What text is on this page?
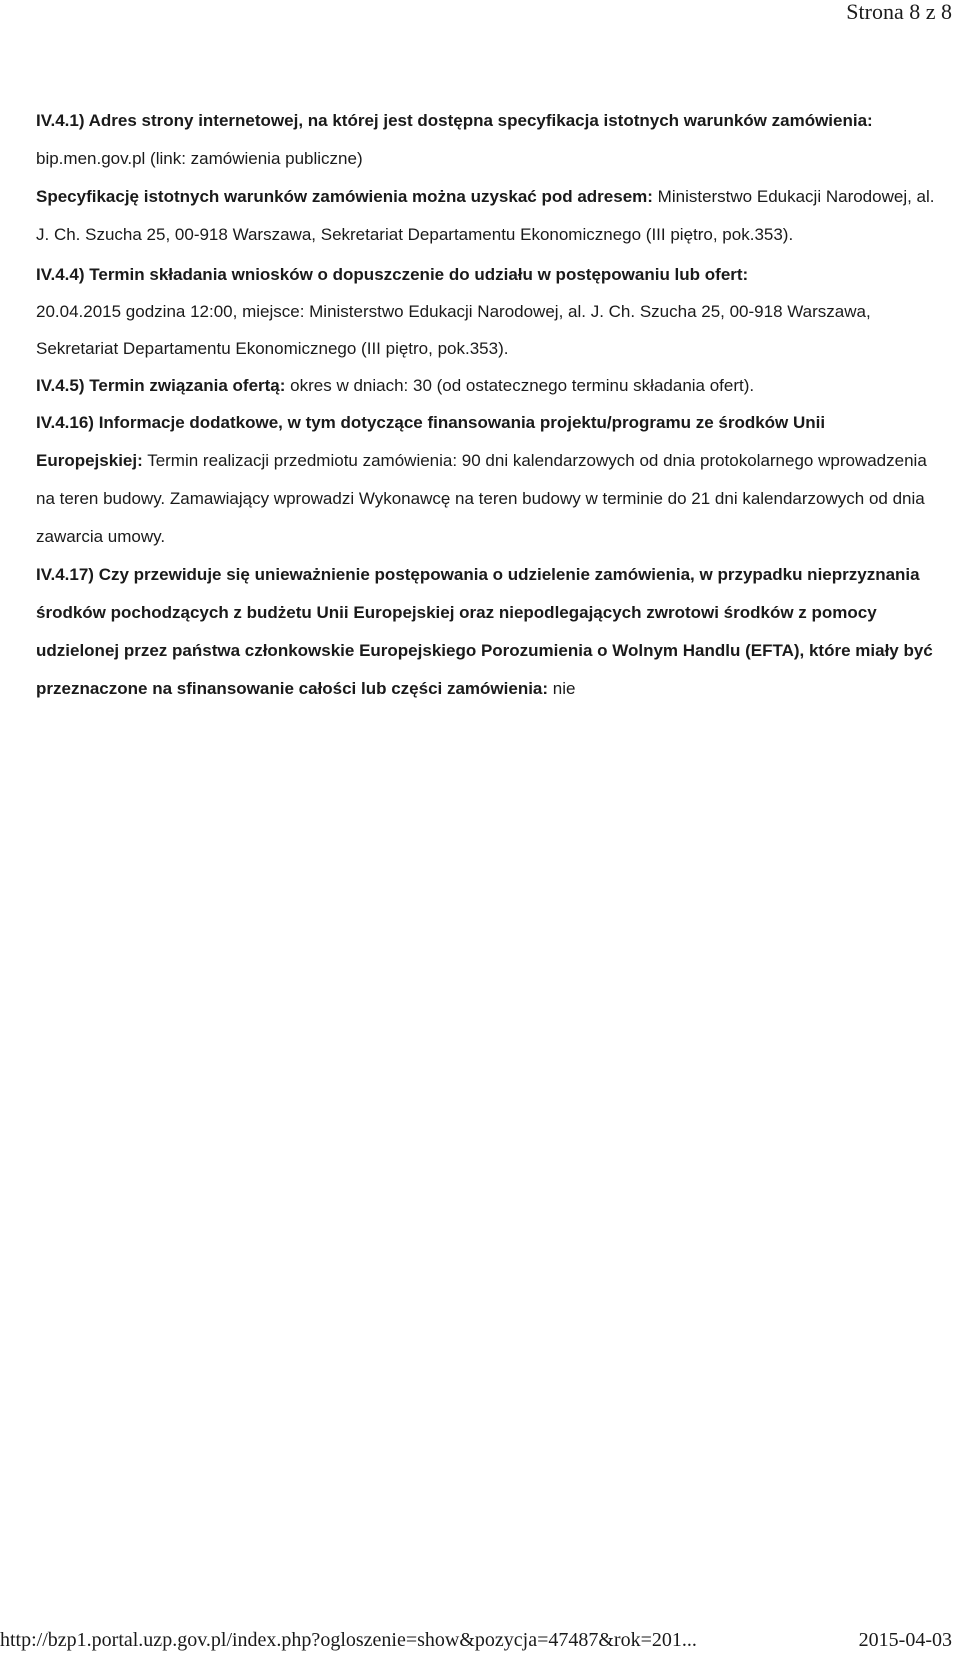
Strona 8 z 8

IV.4.1) Adres strony internetowej, na której jest dostępna specyfikacja istotnych warunków zamówienia: bip.men.gov.pl (link: zamówienia publiczne)
Specyfikację istotnych warunków zamówienia można uzyskać pod adresem: Ministerstwo Edukacji Narodowej, al. J. Ch. Szucha 25, 00-918 Warszawa, Sekretariat Departamentu Ekonomicznego (III piętro, pok.353).

IV.4.4) Termin składania wniosków o dopuszczenie do udziału w postępowaniu lub ofert:
20.04.2015 godzina 12:00, miejsce: Ministerstwo Edukacji Narodowej, al. J. Ch. Szucha 25, 00-918 Warszawa, Sekretariat Departamentu Ekonomicznego (III piętro, pok.353).

IV.4.5) Termin związania ofertą: okres w dniach: 30 (od ostatecznego terminu składania ofert).

IV.4.16) Informacje dodatkowe, w tym dotyczące finansowania projektu/programu ze środków Unii Europejskiej: Termin realizacji przedmiotu zamówienia: 90 dni kalendarzowych od dnia protokolarnego wprowadzenia na teren budowy. Zamawiający wprowadzi Wykonawcę na teren budowy w terminie do 21 dni kalendarzowych od dnia zawarcia umowy.

IV.4.17) Czy przewiduje się unieważnienie postępowania o udzielenie zamówienia, w przypadku nieprzyznania środków pochodzących z budżetu Unii Europejskiej oraz niepodlegających zwrotowi środków z pomocy udzielonej przez państwa członkowskie Europejskiego Porozumienia o Wolnym Handlu (EFTA), które miały być przeznaczone na sfinansowanie całości lub części zamówienia: nie

http://bzp1.portal.uzp.gov.pl/index.php?ogloszenie=show&pozycja=47487&rok=201...	2015-04-03
